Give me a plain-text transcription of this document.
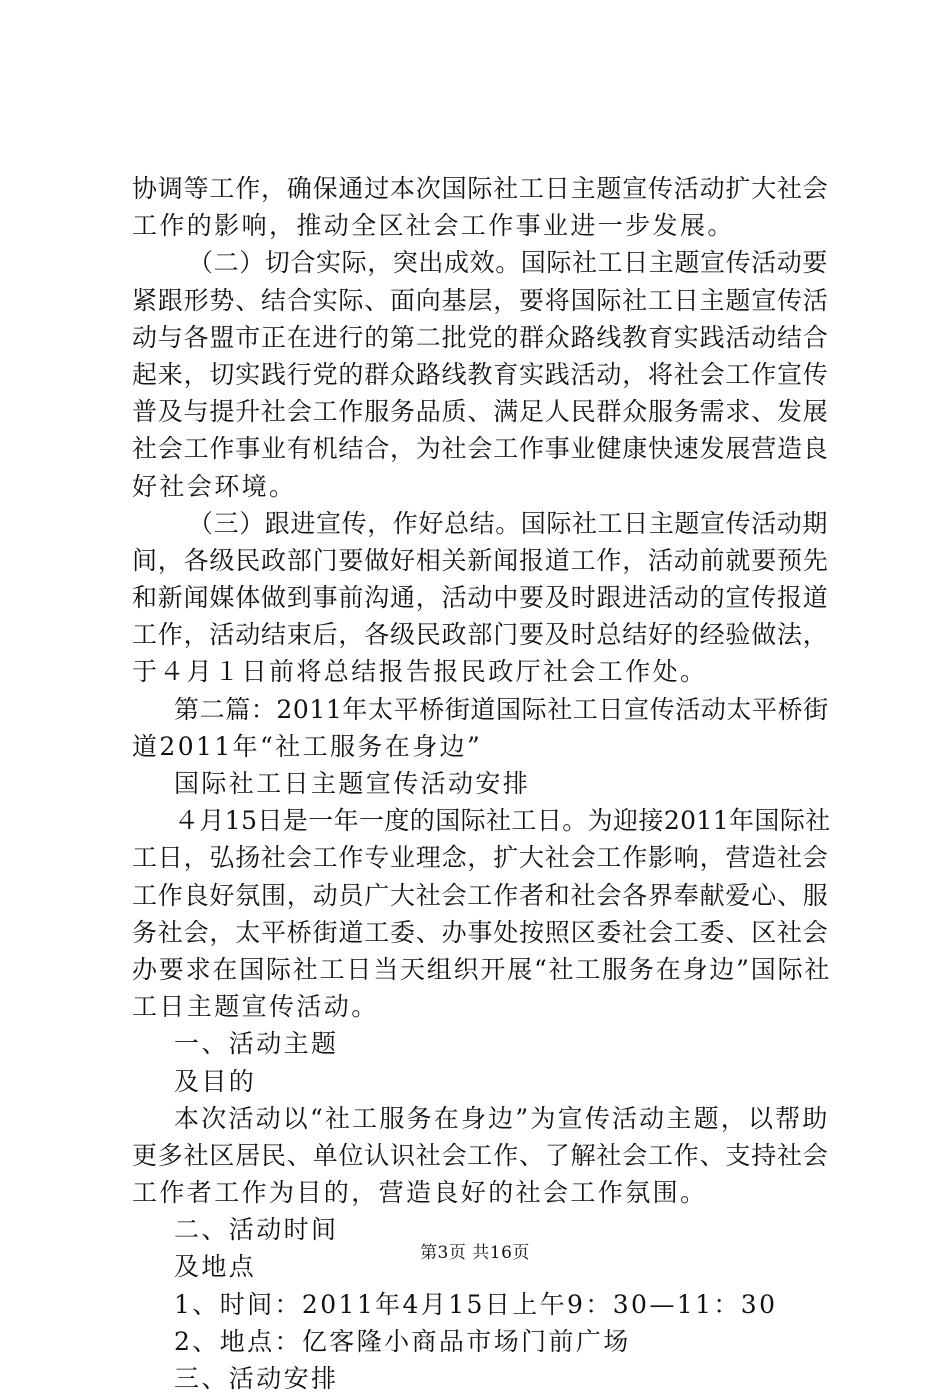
协调等工作，确保通过本次国际社工日主题宣传活动扩大社会
工作的影响，推动全区社会工作事业进一步发展。
（二）切合实际，突出成效。国际社工日主题宣传活动要
紧跟形势、结合实际、面向基层，要将国际社工日主题宣传活
动与各盟市正在进行的第二批党的群众路线教育实践活动结合
起来，切实践行党的群众路线教育实践活动，将社会工作宣传
普及与提升社会工作服务品质、满足人民群众服务需求、发展
社会工作事业有机结合，为社会工作事业健康快速发展营造良
好社会环境。
（三）跟进宣传，作好总结。国际社工日主题宣传活动期
间，各级民政部门要做好相关新闻报道工作，活动前就要预先
和新闻媒体做到事前沟通，活动中要及时跟进活动的宣传报道
工作，活动结束后，各级民政部门要及时总结好的经验做法，
于４月１日前将总结报告报民政厅社会工作处。
第二篇：2011年太平桥街道国际社工日宣传活动太平桥街
道2011年“社工服务在身边”
国际社工日主题宣传活动安排
４月15日是一年一度的国际社工日。为迎接2011年国际社
工日，弘扬社会工作专业理念，扩大社会工作影响，营造社会
工作良好氛围，动员广大社会工作者和社会各界奉献爱心、服
务社会，太平桥街道工委、办事处按照区委社会工委、区社会
办要求在国际社工日当天组织开展“社工服务在身边”国际社
工日主题宣传活动。
一、活动主题
及目的
本次活动以“社工服务在身边”为宣传活动主题，以帮助
更多社区居民、单位认识社会工作、了解社会工作、支持社会
工作者工作为目的，营造良好的社会工作氛围。
二、活动时间
及地点
1、时间：2011年4月15日上午9：30—11：30
2、地点：亿客隆小商品市场门前广场
三、活动安排
第3页 共16页
